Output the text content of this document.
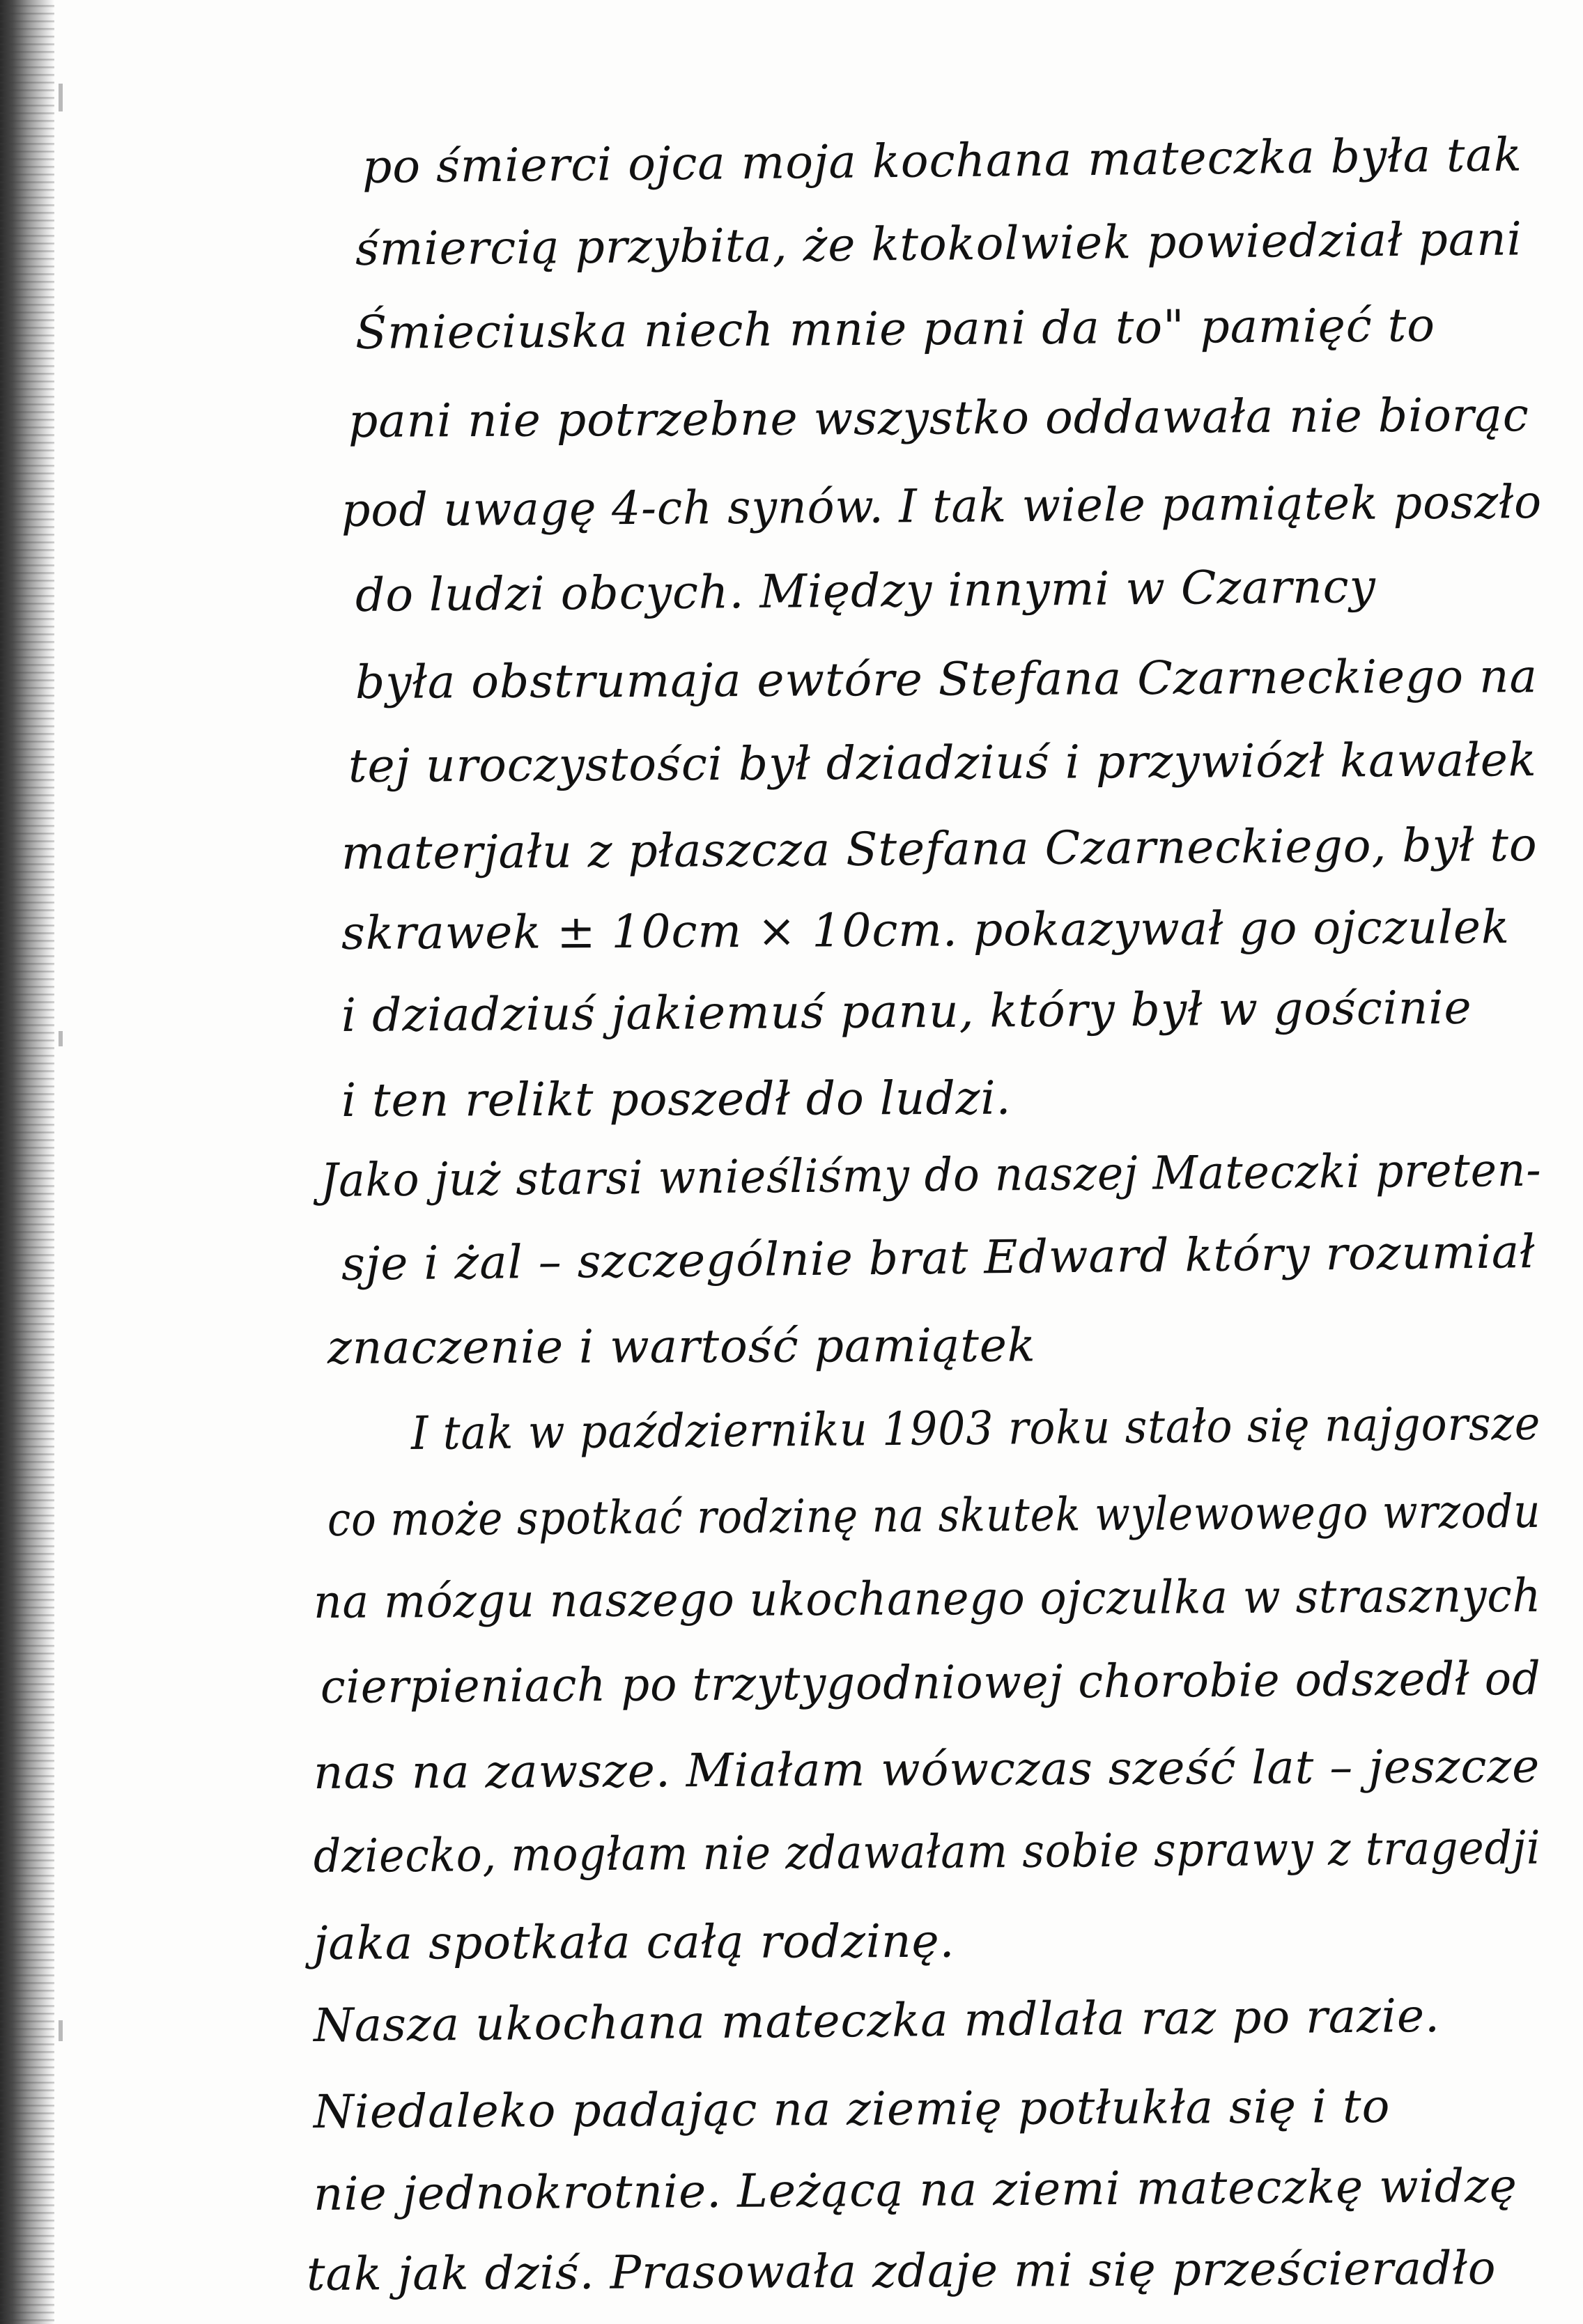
po śmierci ojca moja kochana mateczka była tak
śmiercią przybita, że ktokolwiek powiedział pani
Śmieciuska niech mnie pani da to" pamięć to
pani nie potrzebne wszystko oddawała nie biorąc
pod uwagę 4-ch synów. I tak wiele pamiątek poszło
do ludzi obcych. Między innymi w Czarncy
była obstrumaja ewtóre Stefana Czarneckiego na
tej uroczystości był dziadziuś i przywiózł kawałek
materjału z płaszcza Stefana Czarneckiego, był to
skrawek ± 10cm × 10cm. pokazywał go ojczulek
i dziadziuś jakiemuś panu, który był w gościnie
i ten relikt poszedł do ludzi.
Jako już starsi wnieśliśmy do naszej Mateczki preten-
sje i żal – szczególnie brat Edward który rozumiał
znaczenie i wartość pamiątek
I tak w październiku 1903 roku stało się najgorsze
co może spotkać rodzinę na skutek wylewowego wrzodu
na mózgu naszego ukochanego ojczulka w strasznych
cierpieniach po trzytygodniowej chorobie odszedł od
nas na zawsze. Miałam wówczas sześć lat – jeszcze
dziecko, mogłam nie zdawałam sobie sprawy z tragedji
jaka spotkała całą rodzinę.
Nasza ukochana mateczka mdlała raz po razie.
Niedaleko padając na ziemię potłukła się i to
nie jednokrotnie. Leżącą na ziemi mateczkę widzę
tak jak dziś. Prasowała zdaje mi się prześcieradło
